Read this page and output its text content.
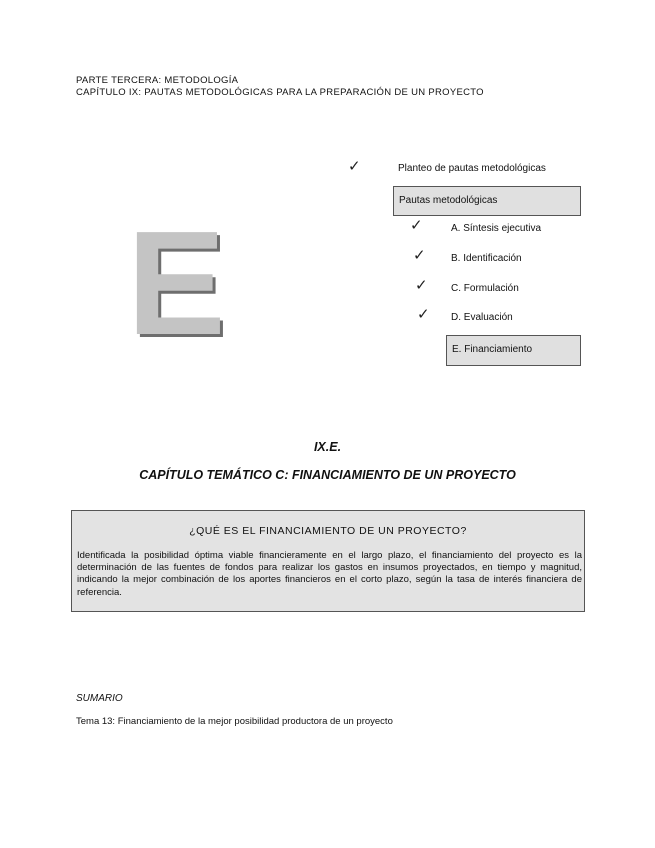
PARTE TERCERA: METODOLOGÍA
CAPÍTULO IX: PAUTAS METODOLÓGICAS PARA LA PREPARACIÓN DE UN PROYECTO
E
✓	Planteo de pautas metodológicas
Pautas metodológicas
✓	A. Síntesis ejecutiva
✓	B. Identificación
✓ C. Formulación
✓ D. Evaluación
E. Financiamiento
IX.E.
CAPÍTULO TEMÁTICO C: FINANCIAMIENTO DE UN PROYECTO
¿QUÉ ES EL FINANCIAMIENTO DE UN PROYECTO?
Identificada la posibilidad óptima viable financieramente en el largo plazo, el financiamiento del proyecto es la determinación de las fuentes de fondos para realizar los gastos en insumos proyectados, en tiempo y magnitud, indicando la mejor combinación de los aportes financieros en el corto plazo, según la tasa de interés financiera de referencia.
SUMARIO
Tema 13: Financiamiento de la mejor posibilidad productora de un proyecto
